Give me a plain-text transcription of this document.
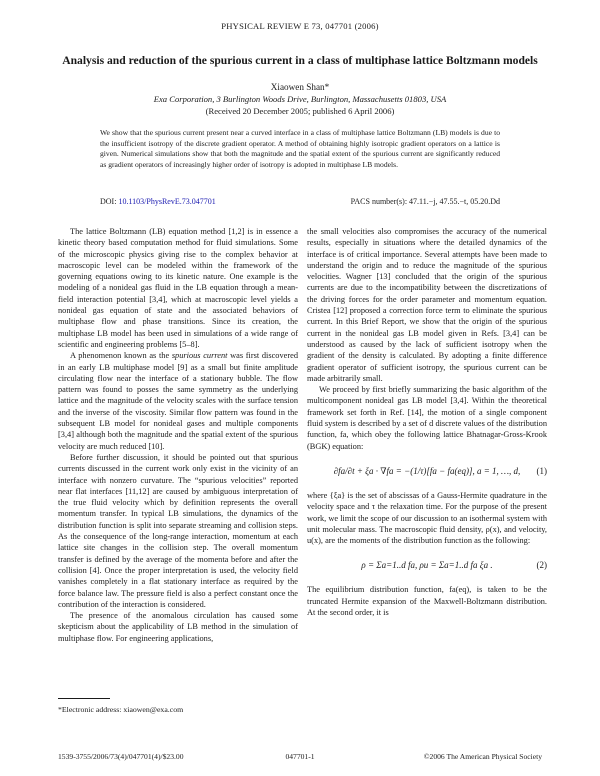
PHYSICAL REVIEW E 73, 047701 (2006)
Analysis and reduction of the spurious current in a class of multiphase lattice Boltzmann models
Xiaowen Shan*
Exa Corporation, 3 Burlington Woods Drive, Burlington, Massachusetts 01803, USA
(Received 20 December 2005; published 6 April 2006)
We show that the spurious current present near a curved interface in a class of multiphase lattice Boltzmann (LB) models is due to the insufficient isotropy of the discrete gradient operator. A method of obtaining highly isotropic gradient operators on a lattice is given. Numerical simulations show that both the magnitude and the spatial extent of the spurious current are significantly reduced as gradient operators of increasingly higher order of isotropy is adopted in multiphase LB models.
DOI: 10.1103/PhysRevE.73.047701	PACS number(s): 47.11.−j, 47.55.−t, 05.20.Dd

The lattice Boltzmann (LB) equation method [1,2] is in essence a kinetic theory based computation method for fluid simulations. Some of the microscopic physics giving rise to the complex behavior at macroscopic level can be modeled within the framework of the governing equations owing to its kinetic nature. One example is the modeling of a nonideal gas fluid in the LB equation through a mean-field interaction potential [3,4], which at macroscopic level yields a nonideal gas equation of state and the associated behaviors of multiphase flow and phase transitions. Since its creation, the multiphase LB model has been used in simulations of a wide range of scientific and engineering problems [5–8].

A phenomenon known as the spurious current was first discovered in an early LB multiphase model [9] as a small but finite amplitude circulating flow near the interface of a stationary bubble. The flow pattern was found to posses the same symmetry as the underlying lattice and the magnitude of the velocity scales with the surface tension and the inverse of the viscosity. Similar flow pattern was found in the subsequent LB model for nonideal gases and multiple components [3,4] although both the magnitude and the spatial extent of the spurious velocity are much reduced [10].

Before further discussion, it should be pointed out that spurious currents discussed in the current work only exist in the vicinity of an interface with nonzero curvature. The “spurious velocities” reported near flat interfaces [11,12] are caused by ambiguous interpretation of the true fluid velocity which by definition represents the overall momentum transfer. In typical LB simulations, the dynamics of the distribution function is split into separate streaming and collision steps. As the consequence of the long-range interaction, momentum at each lattice site changes in the collision step. The overall momentum transfer is defined by the average of the momenta before and after the collision [4]. Once the proper interpretation is used, the velocity field vanishes completely in a flat stationary interface as required by the force balance law. The pressure field is also a perfect constant once the contribution of the interaction is considered.

The presence of the anomalous circulation has caused some skepticism about the applicability of LB method in the simulation of multiphase flow. For engineering applications,

the small velocities also compromises the accuracy of the numerical results, especially in situations where the detailed dynamics of the interface is of critical importance. Several attempts have been made to understand the origin and to reduce the magnitude of the spurious velocities. Wagner [13] concluded that the origin of the spurious currents are due to the incompatibility between the discretizations of the driving forces for the order parameter and momentum equation. Cristea [12] proposed a correction force term to eliminate the spurious current. In this Brief Report, we show that the origin of the spurious current in the nonideal gas LB model given in Refs. [3,4] can be understood as caused by the lack of sufficient isotropy when the gradient of the density is calculated. By adopting a finite difference gradient operator of sufficient isotropy, the spurious current can be made arbitrarily small.

We proceed by first briefly summarizing the basic algorithm of the multicomponent nonideal gas LB model [3,4]. Within the theoretical framework set forth in Ref. [14], the motion of a single component fluid system is described by a set of d discrete values of the distribution function, fa, which obey the following lattice Bhatnagar-Gross-Krook (BGK) equation:

∂fa/∂t + ξa · ∇fa = −(1/τ)[fa − fa(eq)], a = 1, …, d, (1)

where {ξa} is the set of abscissas of a Gauss-Hermite quadrature in the velocity space and τ the relaxation time. For the purpose of the present work, we limit the scope of our discussion to an isothermal system with unit molecular mass. The macroscopic fluid density, ρ(x), and velocity, u(x), are the moments of the distribution function as the following:

ρ = Σa=1..d fa, ρu = Σa=1..d fa ξa .	(2)

The equilibrium distribution function, fa(eq), is taken to be the truncated Hermite expansion of the Maxwell-Boltzmann distribution. At the second order, it is

*Electronic address: xiaowen@exa.com
1539-3755/2006/73(4)/047701(4)/$23.00	047701-1	©2006 The American Physical Society
